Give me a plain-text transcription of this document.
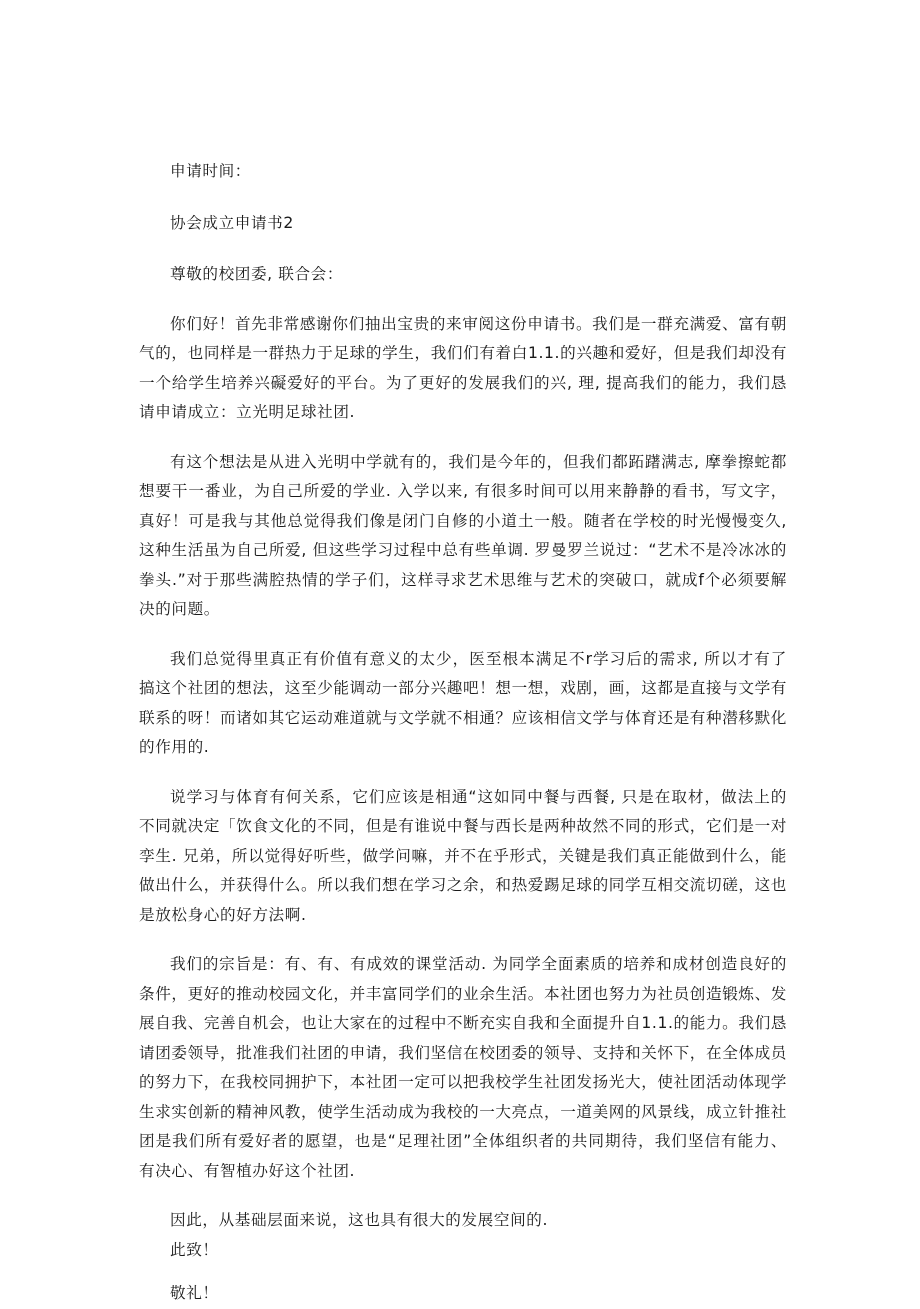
申请时间：

协会成立申请书2

尊敬的校团委, 联合会：

你们好！首先非常感谢你们抽出宝贵的来审阅这份申请书。我们是一群充满爱、富有朝气的，也同样是一群热力于足球的学生，我们们有着白1.1.的兴趣和爱好，但是我们却没有一个给学生培养兴礙爱好的平台。为了更好的发展我们的兴, 理, 提高我们的能力，我们恳请申请成立：立光明足球社团.

有这个想法是从进入光明中学就有的，我们是今年的，但我们都跖躇满志, 摩拳擦蛇都想要干一番业，为自己所爱的学业. 入学以来, 有很多时间可以用来静静的看书，写文字，真好！可是我与其他总觉得我们像是闭门自修的小道土一般。随者在学校的时光慢慢变久, 这种生活虽为自己所爱, 但这些学习过程中总有些单调. 罗曼罗兰说过：“艺术不是冷冰冰的拳头.”对于那些满腔热情的学子们，这样寻求艺术思维与艺术的突破口，就成f个必须要解决的问题。

我们总觉得里真正有价值有意义的太少，医至根本满足不r学习后的需求, 所以才有了搞这个社团的想法，这至少能调动一部分兴趣吧！想一想，戏剧，画，这都是直接与文学有联系的呀！而诸如其它运动难道就与文学就不相通？应该相信文学与体育还是有种潜移默化的作用的.

说学习与体育有何关系，它们应该是相通“这如同中餐与西餐, 只是在取材，做法上的不同就决定「饮食文化的不同，但是有谁说中餐与西长是两种故然不同的形式，它们是一对孪生. 兄弟，所以觉得好听些，做学问嘛，并不在乎形式，关键是我们真正能做到什么，能做出什么，并获得什么。所以我们想在学习之余，和热爱踢足球的同学互相交流切磋，这也是放松身心的好方法啊.

我们的宗旨是：有、有、有成效的课堂活动. 为同学全面素质的培养和成材创造良好的条件，更好的推动校园文化，并丰富同学们的业余生活。本社团也努力为社员创造锻炼、发展自我、完善自机会，也让大家在的过程中不断充实自我和全面提升自1.1.的能力。我们恳请团委领导，批准我们社团的申请，我们坚信在校团委的领导、支持和关怀下，在全体成员的努力下，在我校同拥护下，本社团一定可以把我校学生社团发扬光大，使社团活动体现学生求实创新的精神风教，使学生活动成为我校的一大亮点，一道美网的风景线，成立针推社团是我们所有爱好者的愿望，也是“足理社团”全体组织者的共同期待，我们坚信有能力、有决心、有智植办好这个社团.

因此，从基础层面来说，这也具有很大的发展空间的.

此致！

敬礼！
